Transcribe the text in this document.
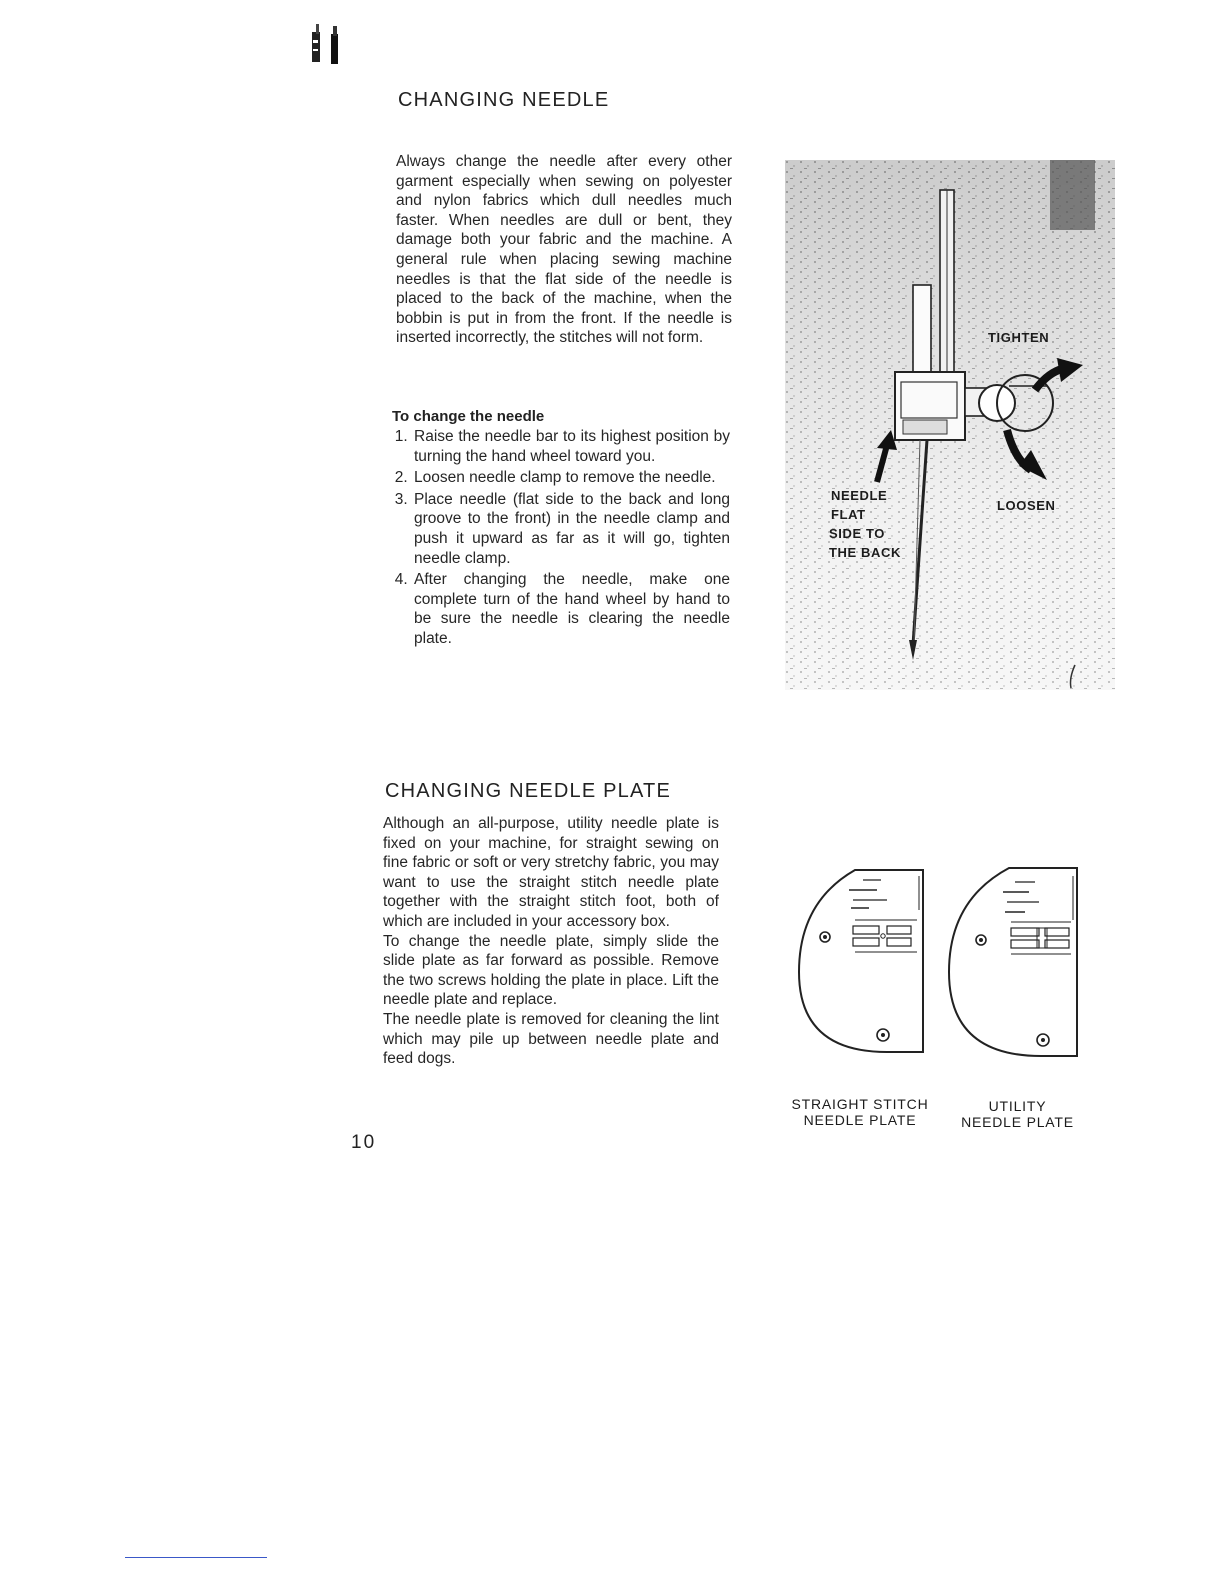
CHANGING NEEDLE

Always change the needle after every other garment especially when sewing on polyester and nylon fabrics which dull needles much faster. When needles are dull or bent, they damage both your fabric and the machine. A general rule when placing sewing machine needles is that the flat side of the needle is placed to the back of the machine, when the bobbin is put in from the front. If the needle is inserted incorrectly, the stitches will not form.

To change the needle
1. Raise the needle bar to its highest position by turning the hand wheel toward you.
2. Loosen needle clamp to remove the needle.
3. Place needle (flat side to the back and long groove to the front) in the needle clamp and push it upward as far as it will go, tighten needle clamp.
4. After changing the needle, make one complete turn of the hand wheel by hand to be sure the needle is clearing the needle plate.
TIGHTEN
LOOSEN
NEEDLE
FLAT
SIDE TO
THE BACK
CHANGING NEEDLE PLATE

Although an all-purpose, utility needle plate is fixed on your machine, for straight sewing on fine fabric or soft or very stretchy fabric, you may want to use the straight stitch needle plate together with the straight stitch foot, both of which are included in your accessory box.

To change the needle plate, simply slide the slide plate as far forward as possible. Remove the two screws holding the plate in place. Lift the needle plate and replace.

The needle plate is removed for cleaning the lint which may pile up between needle plate and feed dogs.

STRAIGHT STITCH
NEEDLE PLATE
UTILITY
NEEDLE PLATE
10
